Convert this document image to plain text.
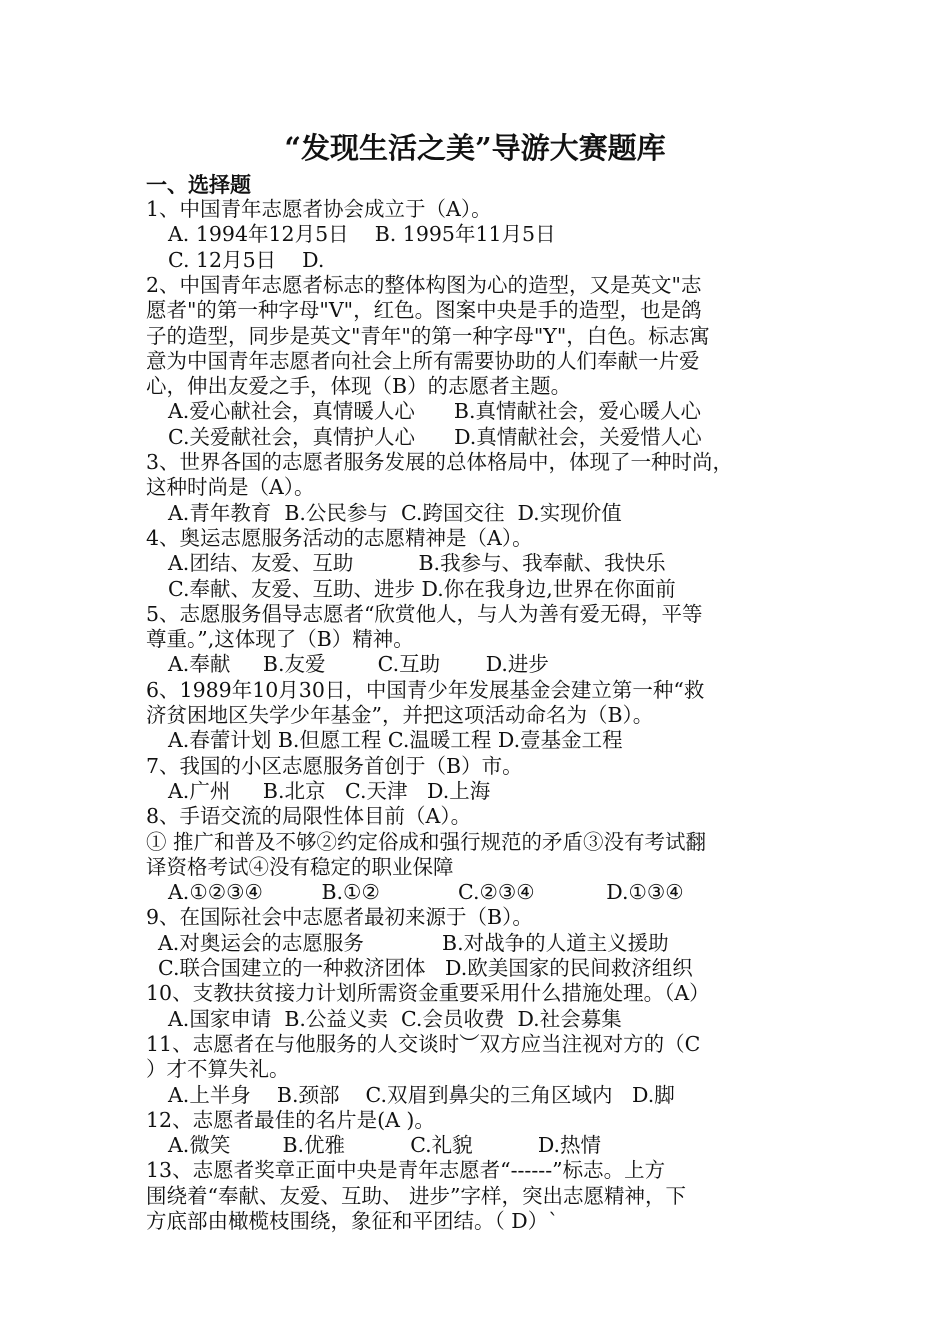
“发现生活之美”导游大赛题库
一、选择题
1、中国青年志愿者协会成立于（A）。
A. 1994年12月5日    B. 1995年11月5日
C. 12月5日    D.
2、中国青年志愿者标志的整体构图为心的造型，又是英文"志
愿者"的第一种字母"V"，红色。图案中央是手的造型，也是鸽
子的造型，同步是英文"青年"的第一种字母"Y"，白色。标志寓
意为中国青年志愿者向社会上所有需要协助的人们奉献一片爱
心，伸出友爱之手，体现（B）的志愿者主题。
A.爱心献社会，真情暖人心      B.真情献社会，爱心暖人心
C.关爱献社会，真情护人心      D.真情献社会，关爱惜人心
3、世界各国的志愿者服务发展的总体格局中，体现了一种时尚，
这种时尚是（A）。
A.青年教育  B.公民参与  C.跨国交往  D.实现价值
4、奥运志愿服务活动的志愿精神是（A）。
A.团结、友爱、互助          B.我参与、我奉献、我快乐
C.奉献、友爱、互助、进步 D.你在我身边,世界在你面前
5、志愿服务倡导志愿者“欣赏他人，与人为善有爱无碍，平等
尊重。”,这体现了（B）精神。
A.奉献     B.友爱        C.互助       D.进步
6、1989年10月30日，中国青少年发展基金会建立第一种“救
济贫困地区失学少年基金”，并把这项活动命名为（B）。
A.春蕾计划 B.但愿工程 C.温暖工程 D.壹基金工程
7、我国的小区志愿服务首创于（B）市。
A.广州     B.北京   C.天津   D.上海
8、手语交流的局限性体目前（A）。
① 推广和普及不够②约定俗成和强行规范的矛盾③没有考试翻
译资格考试④没有稳定的职业保障
A.①②③④         B.①②            C.②③④           D.①③④
9、在国际社会中志愿者最初来源于（B）。
A.对奥运会的志愿服务            B.对战争的人道主义援助
C.联合国建立的一种救济团体   D.欧美国家的民间救济组织
10、支教扶贫接力计划所需资金重要采用什么措施处理。（A）
A.国家申请  B.公益义卖  C.会员收费  D.社会募集
11、志愿者在与他服务的人交谈时︶双方应当注视对方的（C
）才不算失礼。
A.上半身    B.颈部    C.双眉到鼻尖的三角区域内   D.脚
12、志愿者最佳的名片是(A )。
A.微笑        B.优雅          C.礼貌          D.热情
13、志愿者奖章正面中央是青年志愿者“------”标志。上方
围绕着“奉献、友爱、互助、 进步”字样，突出志愿精神，下
方底部由橄榄枝围绕，象征和平团结。（ D）`
